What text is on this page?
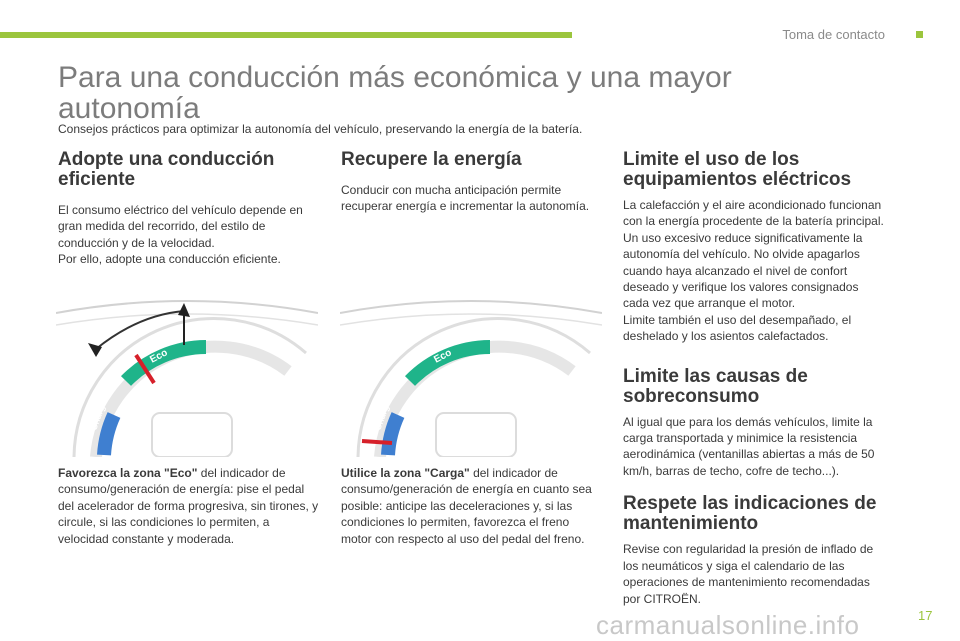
Toma de contacto
Para una conducción más económica y una mayor autonomía
Consejos prácticos para optimizar la autonomía del vehículo, preservando la energía de la batería.
Adopte una conducción eficiente

El consumo eléctrico del vehículo depende en gran medida del recorrido, del estilo de conducción y de la velocidad.

Por ello, adopte una conducción eficiente.

Eco
Charge

Favorezca la zona "Eco" del indicador de consumo/generación de energía: pise el pedal del acelerador de forma progresiva, sin tirones, y circule, si las condiciones lo permiten, a velocidad constante y moderada.

Recupere la energía

Conducir con mucha anticipación permite recuperar energía e incrementar la autonomía.

Eco
Charge

Utilice la zona "Carga" del indicador de consumo/generación de energía en cuanto sea posible: anticipe las deceleraciones y, si las condiciones lo permiten, favorezca el freno motor con respecto al uso del pedal del freno.

Limite el uso de los equipamientos eléctricos

La calefacción y el aire acondicionado funcionan con la energía procedente de la batería principal.

Un uso excesivo reduce significativamente la autonomía del vehículo. No olvide apagarlos cuando haya alcanzado el nivel de confort deseado y verifique los valores consignados cada vez que arranque el motor.

Limite también el uso del desempañado, el deshelado y los asientos calefactados.

Limite las causas de sobreconsumo

Al igual que para los demás vehículos, limite la carga transportada y minimice la resistencia aerodinámica (ventanillas abiertas a más de 50 km/h, barras de techo, cofre de techo...).

Respete las indicaciones de mantenimiento

Revise con regularidad la presión de inflado de los neumáticos y siga el calendario de las operaciones de mantenimiento recomendadas por CITROËN.

carmanualsonline.info	17
